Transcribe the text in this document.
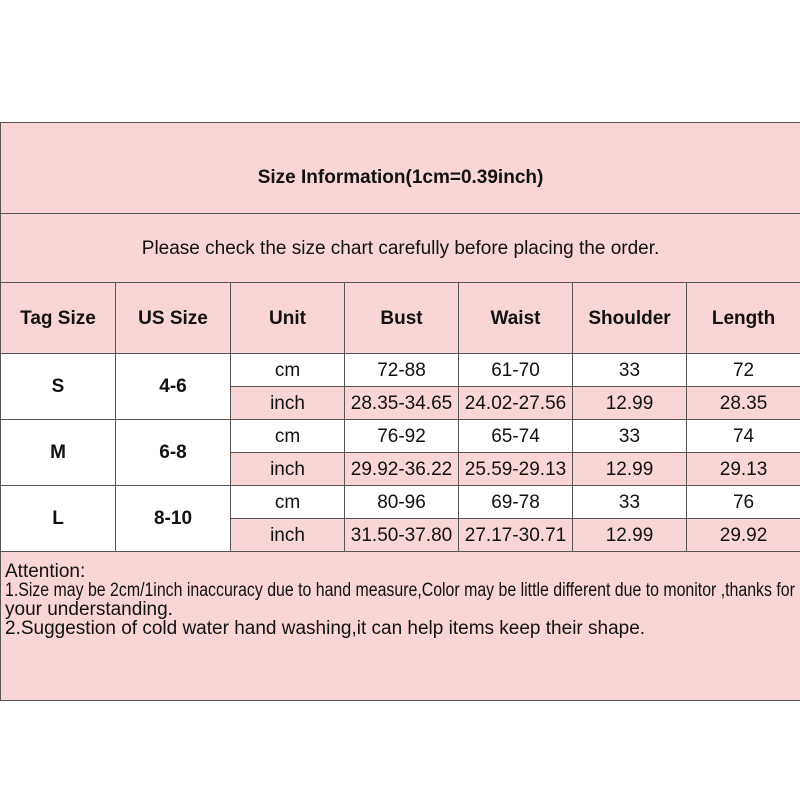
Size Information(1cm=0.39inch)						
Please check the size chart carefully before placing the order.						
Tag Size	US Size	Unit	Bust	Waist	Shoulder	Length
S	4-6	cm	72-88	61-70	33	72
		inch	28.35-34.65	24.02-27.56	12.99	28.35
M	6-8	cm	76-92	65-74	33	74
		inch	29.92-36.22	25.59-29.13	12.99	29.13
L	8-10	cm	80-96	69-78	33	76
		inch	31.50-37.80	27.17-30.71	12.99	29.92

Attention:
1.Size may be 2cm/1inch inaccuracy due to hand measure,Color may be little different due to monitor ,thanks for
your understanding.
2.Suggestion of cold water hand washing,it can help items keep their shape.						
